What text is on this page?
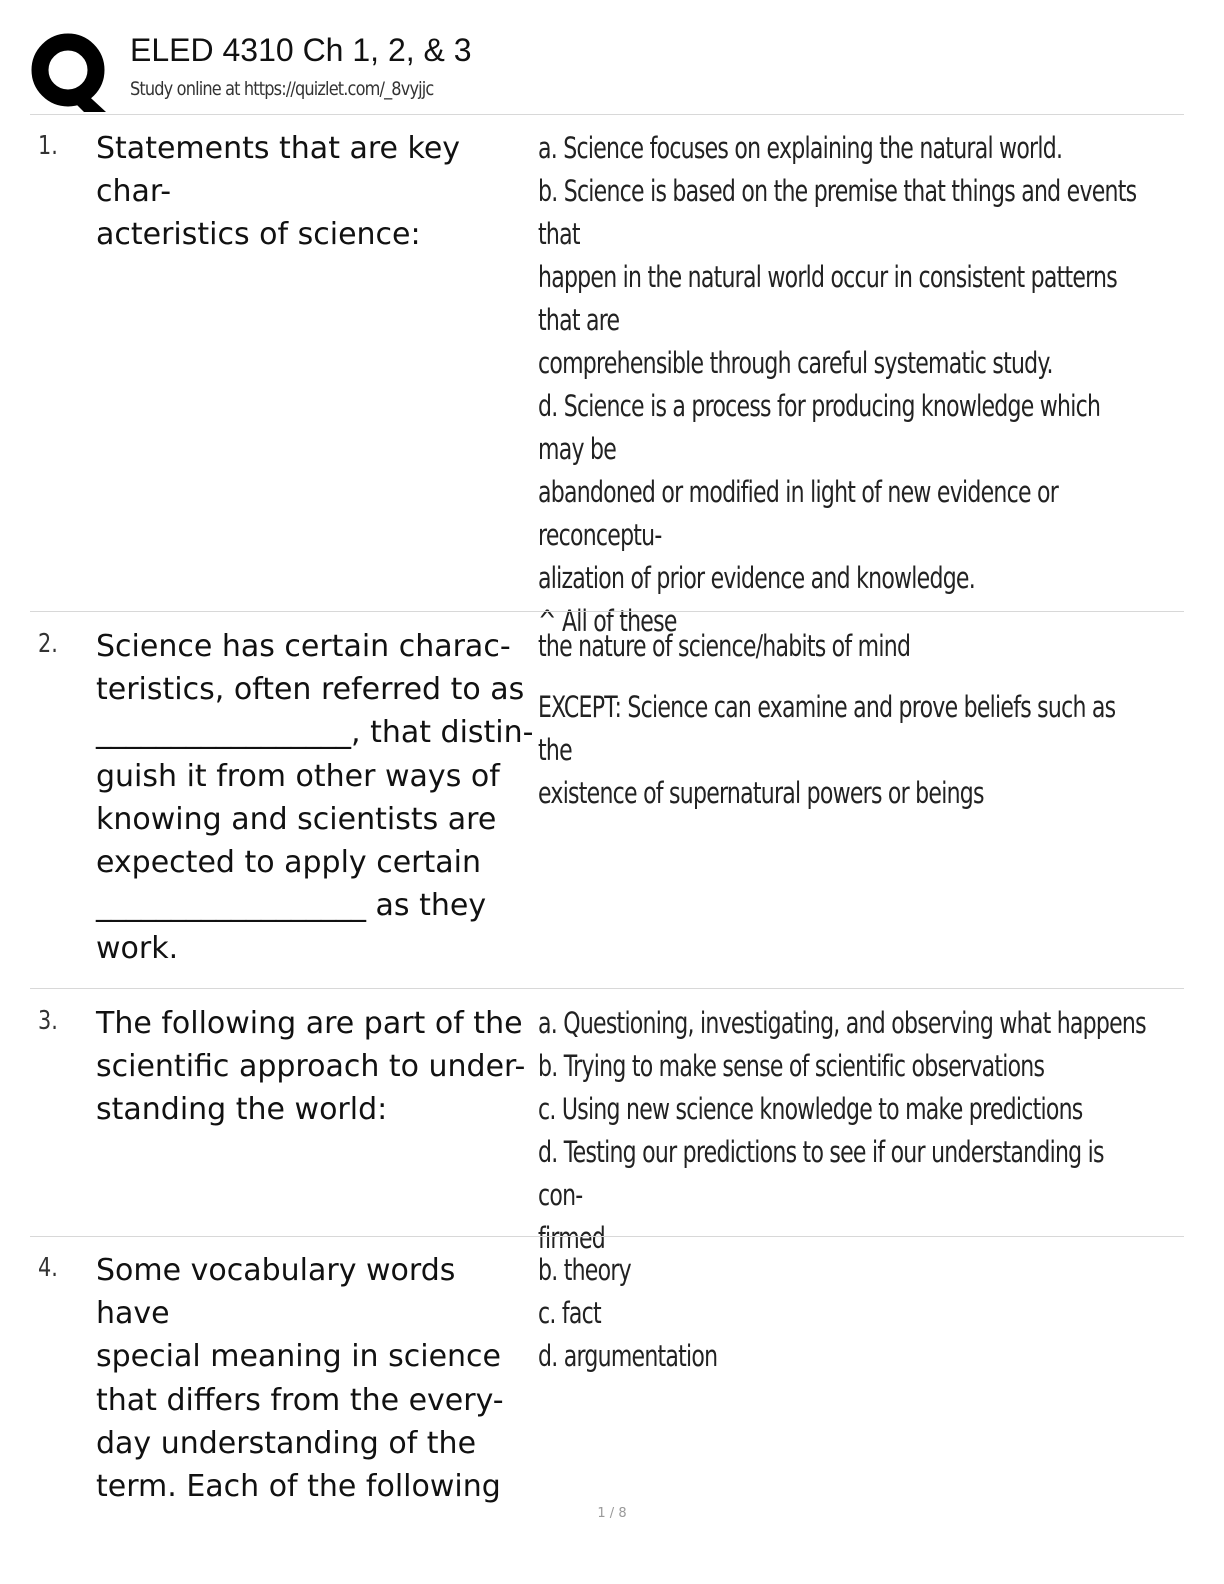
ELED 4310 Ch 1, 2, & 3
Study online at https://quizlet.com/_8vyjjc
1. Statements that are key char-
acteristics of science:
a. Science focuses on explaining the natural world.
b. Science is based on the premise that things and events that
happen in the natural world occur in consistent patterns that are
comprehensible through careful systematic study.
d. Science is a process for producing knowledge which may be
abandoned or modified in light of new evidence or reconceptu-
alization of prior evidence and knowledge.
^ All of these

EXCEPT: Science can examine and prove beliefs such as the
existence of supernatural powers or beings
2. Science has certain charac-
teristics, often referred to as
_________________, that distin-
guish it from other ways of
knowing and scientists are
expected to apply certain
__________________ as they
work.
the nature of science/habits of mind
3. The following are part of the
scientific approach to under-
standing the world:
a. Questioning, investigating, and observing what happens
b. Trying to make sense of scientific observations
c. Using new science knowledge to make predictions
d. Testing our predictions to see if our understanding is con-
firmed
4. Some vocabulary words have
special meaning in science
that differs from the every-
day understanding of the
term. Each of the following
b. theory
c. fact
d. argumentation
1 / 8
